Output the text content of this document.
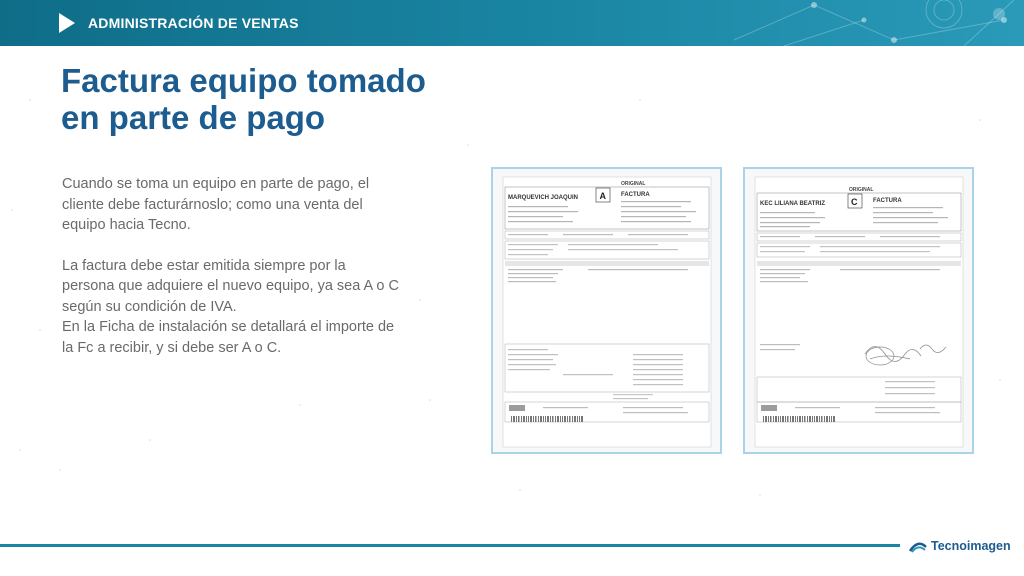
ADMINISTRACIÓN DE VENTAS
Factura equipo tomado
en parte de pago

Cuando se toma un equipo en parte de pago, el
cliente debe facturárnoslo; como una venta del
equipo hacia Tecno.

La factura debe estar emitida siempre por la
persona que adquiere el nuevo equipo, ya sea A o C
según su condición de IVA.
En la Ficha de instalación se detallará el importe de
la Fc a recibir, y si debe ser A o C.

ORIGINAL
MARQUEVICH JOAQUIN A	FACTURA
ORIGINAL
KEC LILIANA BEATRIZ	C	FACTURA
Tecnoimagen
